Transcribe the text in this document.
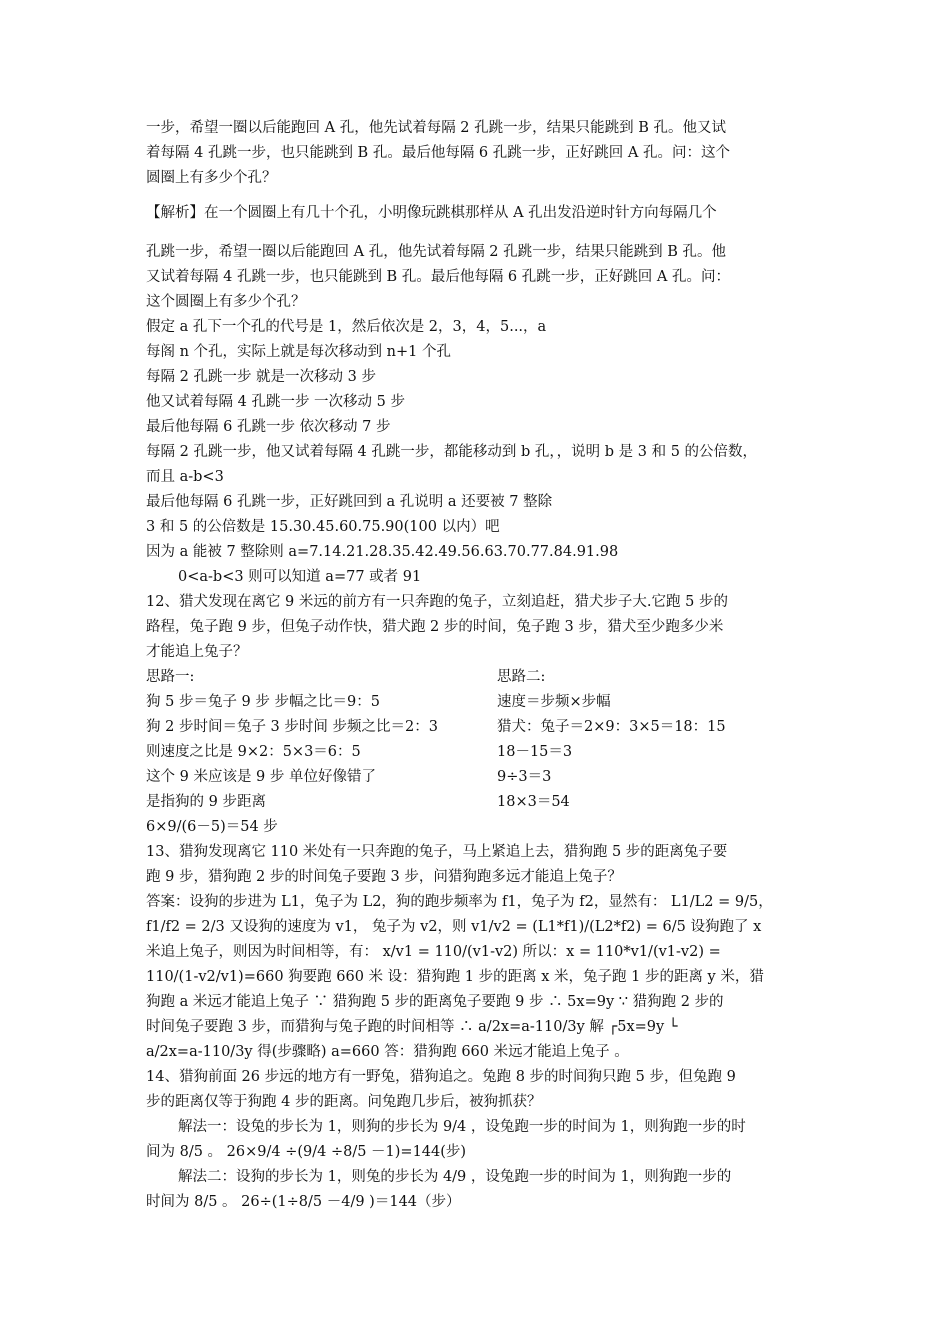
一步，希望一圈以后能跑回 A 孔，他先试着每隔 2 孔跳一步，结果只能跳到 B 孔。他又试
着每隔 4 孔跳一步，也只能跳到 B 孔。最后他每隔 6 孔跳一步，正好跳回 A 孔。问：这个
圆圈上有多少个孔？
【解析】在一个圆圈上有几十个孔，小明像玩跳棋那样从 A 孔出发沿逆时针方向每隔几个
孔跳一步，希望一圈以后能跑回 A 孔，他先试着每隔 2 孔跳一步，结果只能跳到 B 孔。他
又试着每隔 4 孔跳一步，也只能跳到 B 孔。最后他每隔 6 孔跳一步，正好跳回 A 孔。问：
这个圆圈上有多少个孔？
假定 a 孔下一个孔的代号是 1，然后依次是 2，3，4，5...，a
每阁 n 个孔，实际上就是每次移动到 n+1 个孔
每隔 2 孔跳一步 就是一次移动 3 步
他又试着每隔 4 孔跳一步 一次移动 5 步
最后他每隔 6 孔跳一步 依次移动 7 步
每隔 2 孔跳一步，他又试着每隔 4 孔跳一步，都能移动到 b 孔，，说明 b 是 3 和 5 的公倍数，
而且 a-b<3
最后他每隔 6 孔跳一步，正好跳回到 a 孔说明 a 还要被 7 整除
3 和 5 的公倍数是 15.30.45.60.75.90(100 以内）吧
因为 a 能被 7 整除则 a=7.14.21.28.35.42.49.56.63.70.77.84.91.98
0<a-b<3 则可以知道 a=77 或者 91
12、猎犬发现在离它 9 米远的前方有一只奔跑的兔子，立刻追赶，猎犬步子大.它跑 5 步的
路程，兔子跑 9 步，但兔子动作快，猎犬跑 2 步的时间，兔子跑 3 步，猎犬至少跑多少米
才能追上兔子？
思路一:
狗 5 步＝兔子 9 步 步幅之比＝9：5
狗 2 步时间＝兔子 3 步时间 步频之比＝2：3
则速度之比是 9×2：5×3＝6：5
这个 9 米应该是 9 步 单位好像错了
是指狗的 9 步距离
6×9/(6－5)＝54 步
思路二:
速度＝步频×步幅
猎犬：兔子＝2×9：3×5＝18：15
18－15＝3
9÷3＝3
18×3＝54
13、猎狗发现离它 110 米处有一只奔跑的兔子，马上紧追上去，猎狗跑 5 步的距离兔子要
跑 9 步，猎狗跑 2 步的时间兔子要跑 3 步，问猎狗跑多远才能追上兔子？
答案：设狗的步进为 L1，兔子为 L2，狗的跑步频率为 f1，兔子为 f2，显然有： L1/L2 = 9/5，
f1/f2 = 2/3 又设狗的速度为 v1， 兔子为 v2，则 v1/v2 = (L1*f1)/(L2*f2) = 6/5 设狗跑了 x
米追上兔子，则因为时间相等，有： x/v1 = 110/(v1-v2) 所以：x = 110*v1/(v1-v2) =
110/(1-v2/v1)=660 狗要跑 660 米 设：猎狗跑 1 步的距离 x 米，兔子跑 1 步的距离 y 米，猎
狗跑 a 米远才能追上兔子 ∵ 猎狗跑 5 步的距离兔子要跑 9 步 ∴ 5x=9y ∵ 猎狗跑 2 步的
时间兔子要跑 3 步，而猎狗与兔子跑的时间相等 ∴ a/2x=a-110/3y 解 ┌5x=9y └
a/2x=a-110/3y 得(步骤略) a=660 答：猎狗跑 660 米远才能追上兔子 。
14、猎狗前面 26 步远的地方有一野兔，猎狗追之。兔跑 8 步的时间狗只跑 5 步，但兔跑 9
步的距离仅等于狗跑 4 步的距离。问兔跑几步后，被狗抓获？
解法一：设兔的步长为 1，则狗的步长为 9/4 ，设兔跑一步的时间为 1，则狗跑一步的时
间为 8/5 。 26×9/4 ÷(9/4 ÷8/5 －1)=144(步)
解法二：设狗的步长为 1，则兔的步长为 4/9 ，设兔跑一步的时间为 1，则狗跑一步的
时间为 8/5 。 26÷(1÷8/5 －4/9 )＝144（步）
